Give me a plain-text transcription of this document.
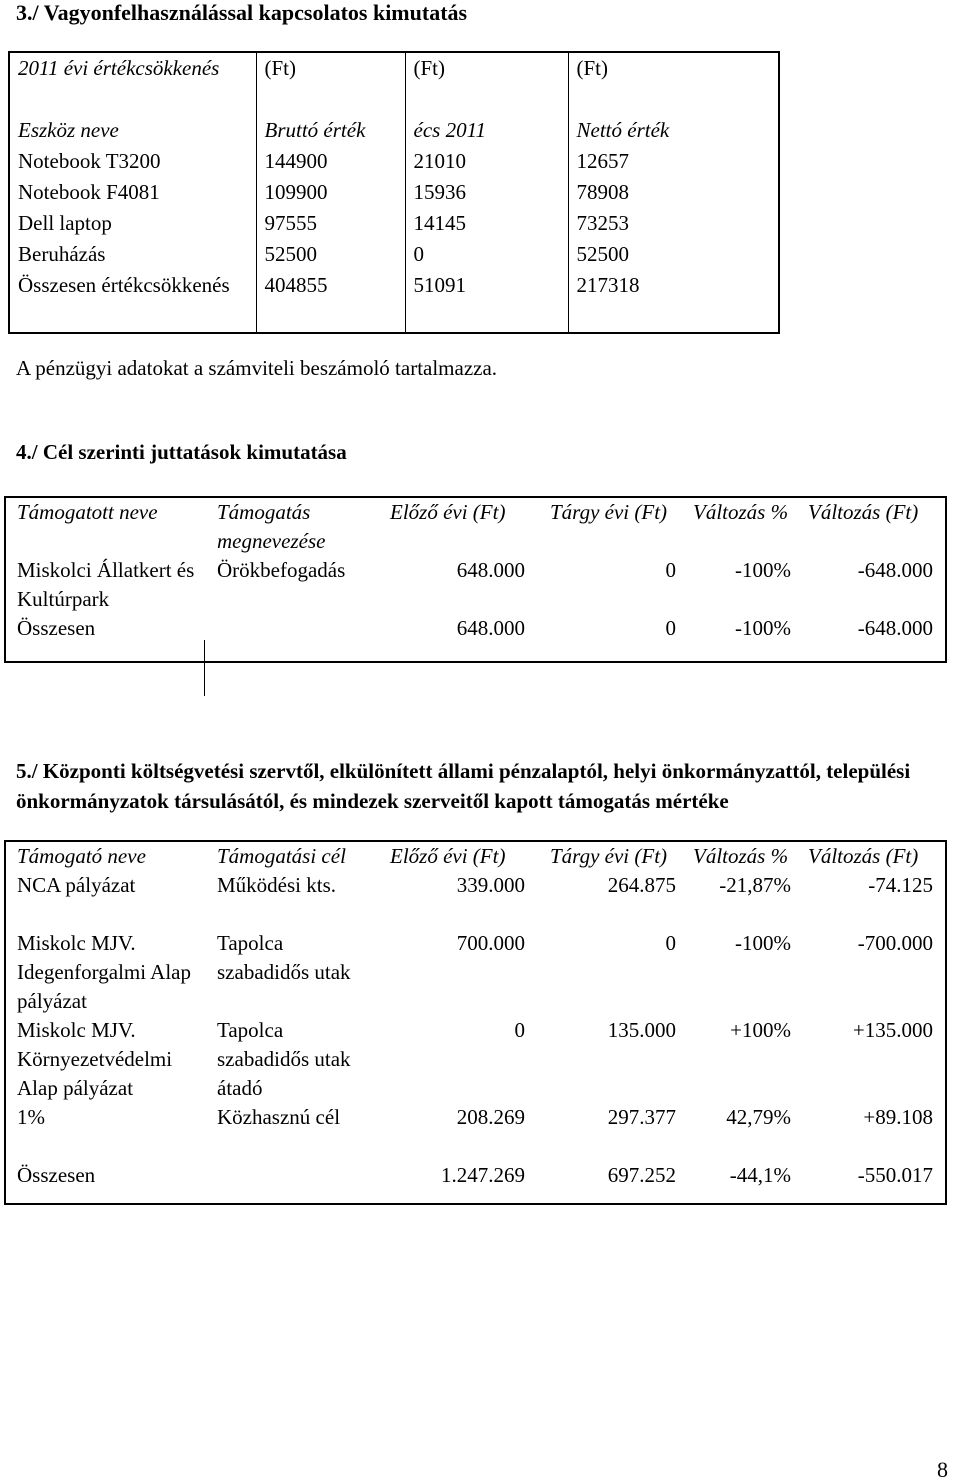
3./ Vagyonfelhasználással kapcsolatos kimutatás
2011 évi értékcsökkenés	(Ft)	(Ft)	(Ft)
Eszköz neve	Bruttó érték	écs 2011	Nettó érték
Notebook T3200	144900	21010	12657
Notebook F4081	109900	15936	78908
Dell laptop	97555	14145	73253
Beruházás	52500	0	52500
Összesen értékcsökkenés	404855	51091	217318
A pénzügyi adatokat a számviteli beszámoló tartalmazza.
4./ Cél szerinti juttatások kimutatása
Támogatott neve	Támogatás megnevezése	Előző évi (Ft)	Tárgy évi (Ft)	Változás %	Változás (Ft)
Miskolci Állatkert és Kultúrpark	Örökbefogadás	648.000	0	-100%	-648.000
Összesen		648.000	0	-100%	-648.000
5./ Központi költségvetési szervtől, elkülönített állami pénzalaptól, helyi önkormányzattól, települési önkormányzatok társulásától, és mindezek szerveitől kapott támogatás mértéke
Támogató neve	Támogatási cél	Előző évi (Ft)	Tárgy évi (Ft)	Változás %	Változás (Ft)
NCA pályázat	Működési kts.	339.000	264.875	-21,87%	-74.125
Miskolc MJV. Idegenforgalmi Alap pályázat	Tapolca szabadidős utak	700.000	0	-100%	-700.000
Miskolc MJV. Környezetvédelmi Alap pályázat	Tapolca szabadidős utak átadó	0	135.000	+100%	+135.000
1%	Közhasznú cél	208.269	297.377	42,79%	+89.108
Összesen		1.247.269	697.252	-44,1%	-550.017
8
